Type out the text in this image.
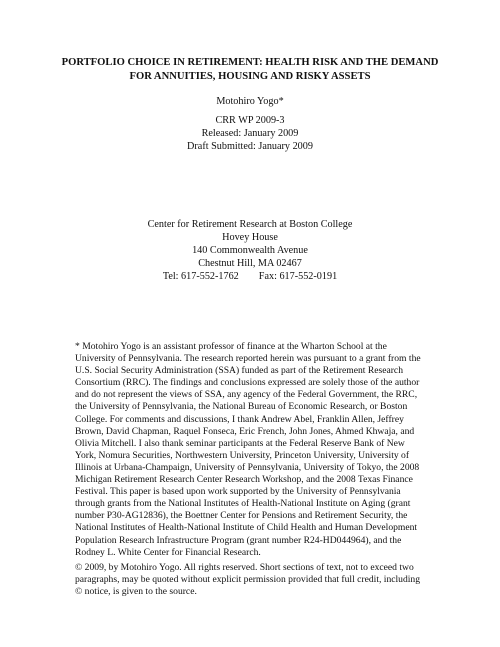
PORTFOLIO CHOICE IN RETIREMENT: HEALTH RISK AND THE DEMAND
FOR ANNUITIES, HOUSING AND RISKY ASSETS
Motohiro Yogo*
CRR WP 2009-3
Released: January 2009
Draft Submitted: January 2009
Center for Retirement Research at Boston College
Hovey House
140 Commonwealth Avenue
Chestnut Hill, MA 02467
Tel: 617-552-1762 Fax: 617-552-0191

* Motohiro Yogo is an assistant professor of finance at the Wharton School at the University of Pennsylvania. The research reported herein was pursuant to a grant from the U.S. Social Security Administration (SSA) funded as part of the Retirement Research Consortium (RRC). The findings and conclusions expressed are solely those of the author and do not represent the views of SSA, any agency of the Federal Government, the RRC, the University of Pennsylvania, the National Bureau of Economic Research, or Boston College. For comments and discussions, I thank Andrew Abel, Franklin Allen, Jeffrey Brown, David Chapman, Raquel Fonseca, Eric French, John Jones, Ahmed Khwaja, and Olivia Mitchell. I also thank seminar participants at the Federal Reserve Bank of New York, Nomura Securities, Northwestern University, Princeton University, University of Illinois at Urbana-Champaign, University of Pennsylvania, University of Tokyo, the 2008 Michigan Retirement Research Center Research Workshop, and the 2008 Texas Finance Festival. This paper is based upon work supported by the University of Pennsylvania through grants from the National Institutes of Health-National Institute on Aging (grant number P30-AG12836), the Boettner Center for Pensions and Retirement Security, the National Institutes of Health-National Institute of Child Health and Human Development Population Research Infrastructure Program (grant number R24-HD044964), and the Rodney L. White Center for Financial Research.

© 2009, by Motohiro Yogo. All rights reserved. Short sections of text, not to exceed two paragraphs, may be quoted without explicit permission provided that full credit, including © notice, is given to the source.
